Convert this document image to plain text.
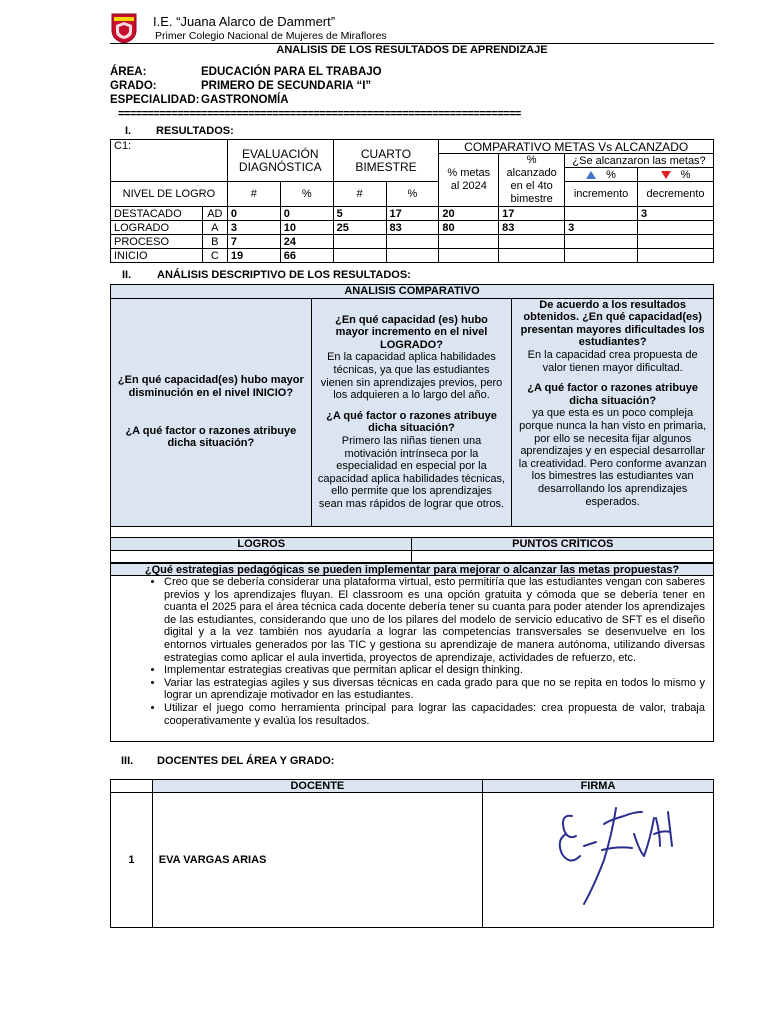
I.E. “Juana Alarco de Dammert”
Primer Colegio Nacional de Mujeres de Miraflores
ANALISIS DE LOS RESULTADOS DE APRENDIZAJE
ÁREA:	EDUCACIÓN PARA EL TRABAJO
GRADO:	PRIMERO DE SECUNDARIA “I”
ESPECIALIDAD: GASTRONOMÍA
====================================================================
I. RESULTADOS:
C1:		EVALUACIÓN DIAGNÓSTICA		CUARTO BIMESTRE		COMPARATIVO METAS Vs ALCANZADO			
						% metas al 2024	% alcanzado en el 4to bimestre	¿Se alcanzaron las metas?	
								%	%
NIVEL DE LOGRO		#	%	#	%			incremento	decremento
DESTACADO	AD	0	0	5	17	20	17		3
LOGRADO	A	3	10	25	83	80	83	3	
PROCESO	B	7	24						
INICIO	C	19	66						
II. ANÁLISIS DESCRIPTIVO DE LOS RESULTADOS:
ANALISIS COMPARATIVO

¿En qué capacidad(es) hubo mayor disminución en el nivel INICIO?
¿A qué factor o razones atribuye dicha situación?

¿En qué capacidad (es) hubo mayor incremento en el nivel LOGRADO?
En la capacidad aplica habilidades técnicas, ya que las estudiantes vienen sin aprendizajes previos, pero los adquieren a lo largo del año.
¿A qué factor o razones atribuye dicha situación?
Primero las niñas tienen una motivación intrínseca por la especialidad en especial por la capacidad aplica habilidades técnicas, ello permite que los aprendizajes sean mas rápidos de lograr que otros.

De acuerdo a los resultados obtenidos. ¿En qué capacidad(es) presentan mayores dificultades los estudiantes?
En la capacidad crea propuesta de valor tienen mayor dificultad.
¿A qué factor o razones atribuye dicha situación?
ya que esta es un poco compleja porque nunca la han visto en primaria, por ello se necesita fijar algunos aprendizajes y en especial desarrollar la creatividad. Pero conforme avanzan los bimestres las estudiantes van desarrollando los aprendizajes esperados.

LOGROS	PUNTOS CRÍTICOS

¿Qué estrategias pedagógicas se pueden implementar para mejorar o alcanzar las metas propuestas?
• Creo que se debería considerar una plataforma virtual, esto permitiría que las estudiantes vengan con saberes previos y los aprendizajes fluyan. El classroom es una opción gratuita y cómoda que se debería tener en cuanta el 2025 para el área técnica cada docente debería tener su cuanta para poder atender los aprendizajes de las estudiantes, considerando que uno de los pilares del modelo de servicio educativo de SFT es el diseño digital y a la vez también nos ayudaría a lograr las competencias transversales se desenvuelve en los entornos virtuales generados por las TIC y gestiona su aprendizaje de manera autónoma, utilizando diversas estrategias como aplicar el aula invertida, proyectos de aprendizaje, actividades de refuerzo, etc.
• Implementar estrategias creativas que permitan aplicar el design thinking.
• Variar las estrategias agiles y sus diversas técnicas en cada grado para que no se repita en todos lo mismo y lograr un aprendizaje motivador en las estudiantes.
• Utilizar el juego como herramienta principal para lograr las capacidades: crea propuesta de valor, trabaja cooperativamente y evalúa los resultados.
III. DOCENTES DEL ÁREA Y GRADO:
	DOCENTE	FIRMA
1	EVA VARGAS ARIAS	
